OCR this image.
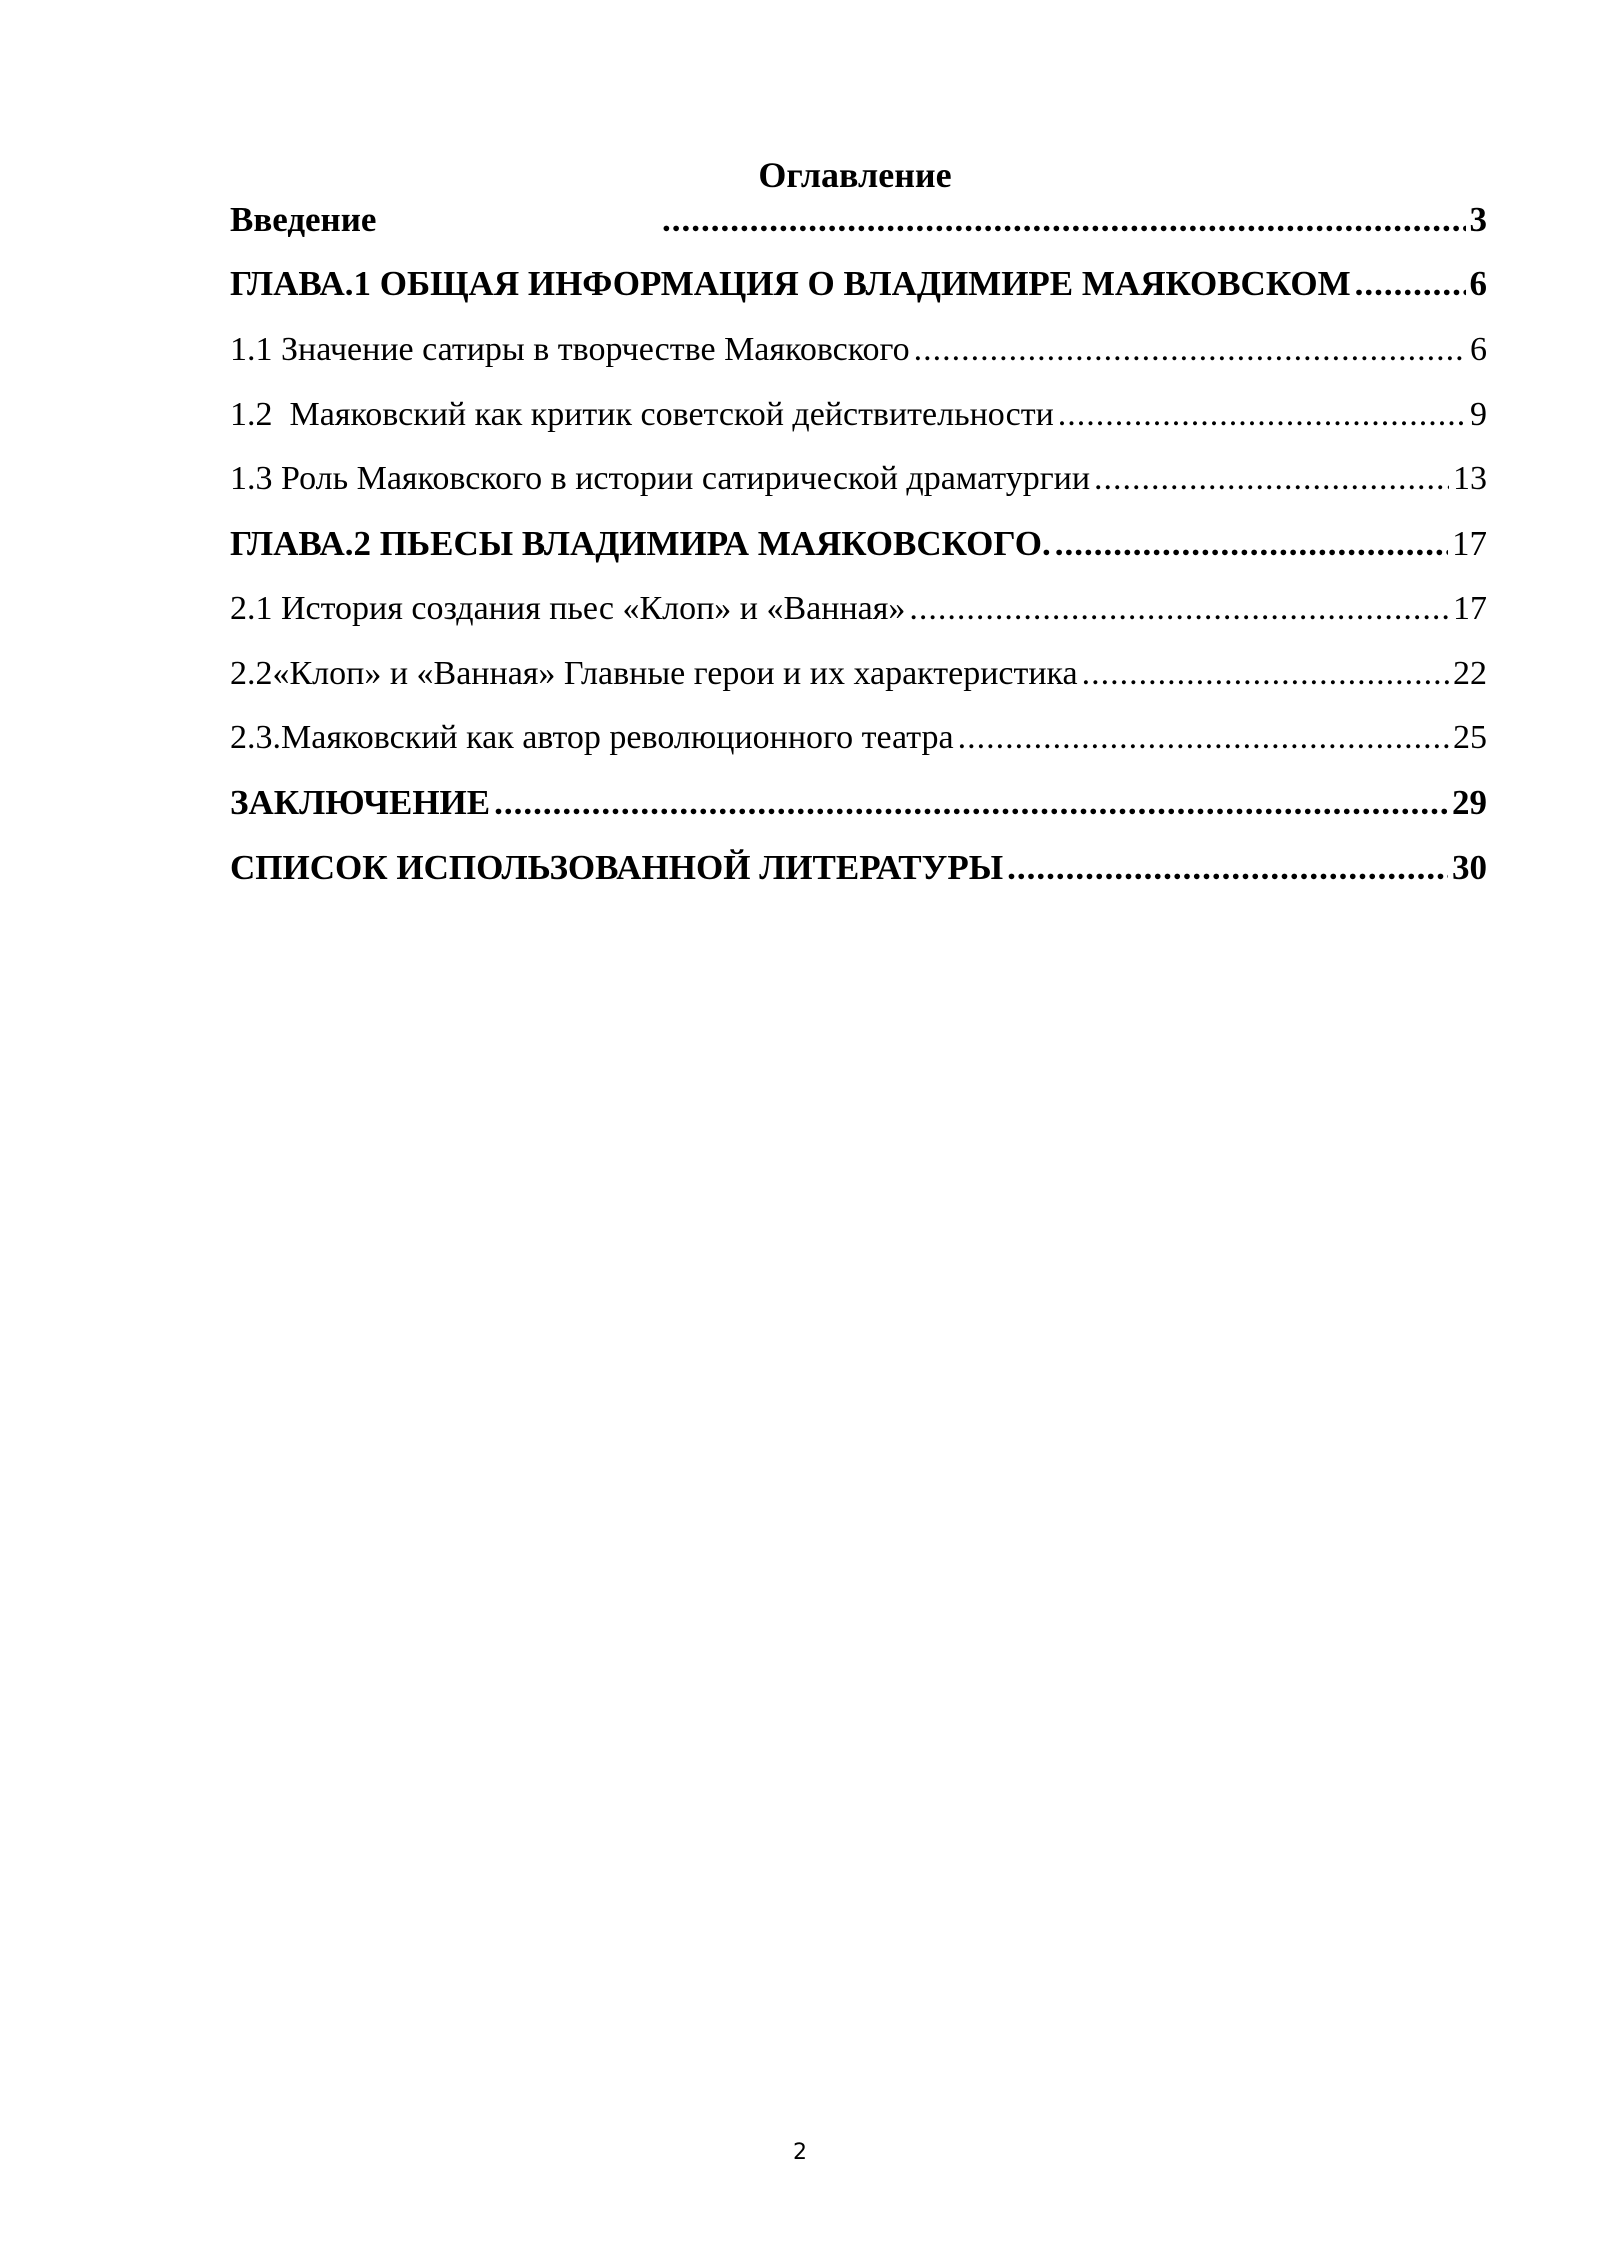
Оглавление
Введение .....	3
ГЛАВА.1 ОБЩАЯ ИНФОРМАЦИЯ О ВЛАДИМИРЕ МАЯКОВСКОМ .....	6
1.1 Значение сатиры в творчестве Маяковского .....	6
1.2  Маяковский как критик советской действительности .....	9
1.3 Роль Маяковского в истории сатирической драматургии .....	13
ГЛАВА.2 ПЬЕСЫ ВЛАДИМИРА МАЯКОВСКОГО. .....	17
2.1 История создания пьес «Клоп» и «Ванная» .....	17
2.2«Клоп» и «Ванная» Главные герои и их характеристика .....	22
2.3.Маяковский как автор революционного театра .....	25
ЗАКЛЮЧЕНИЕ .....	29
СПИСОК ИСПОЛЬЗОВАННОЙ ЛИТЕРАТУРЫ .....	30

2
